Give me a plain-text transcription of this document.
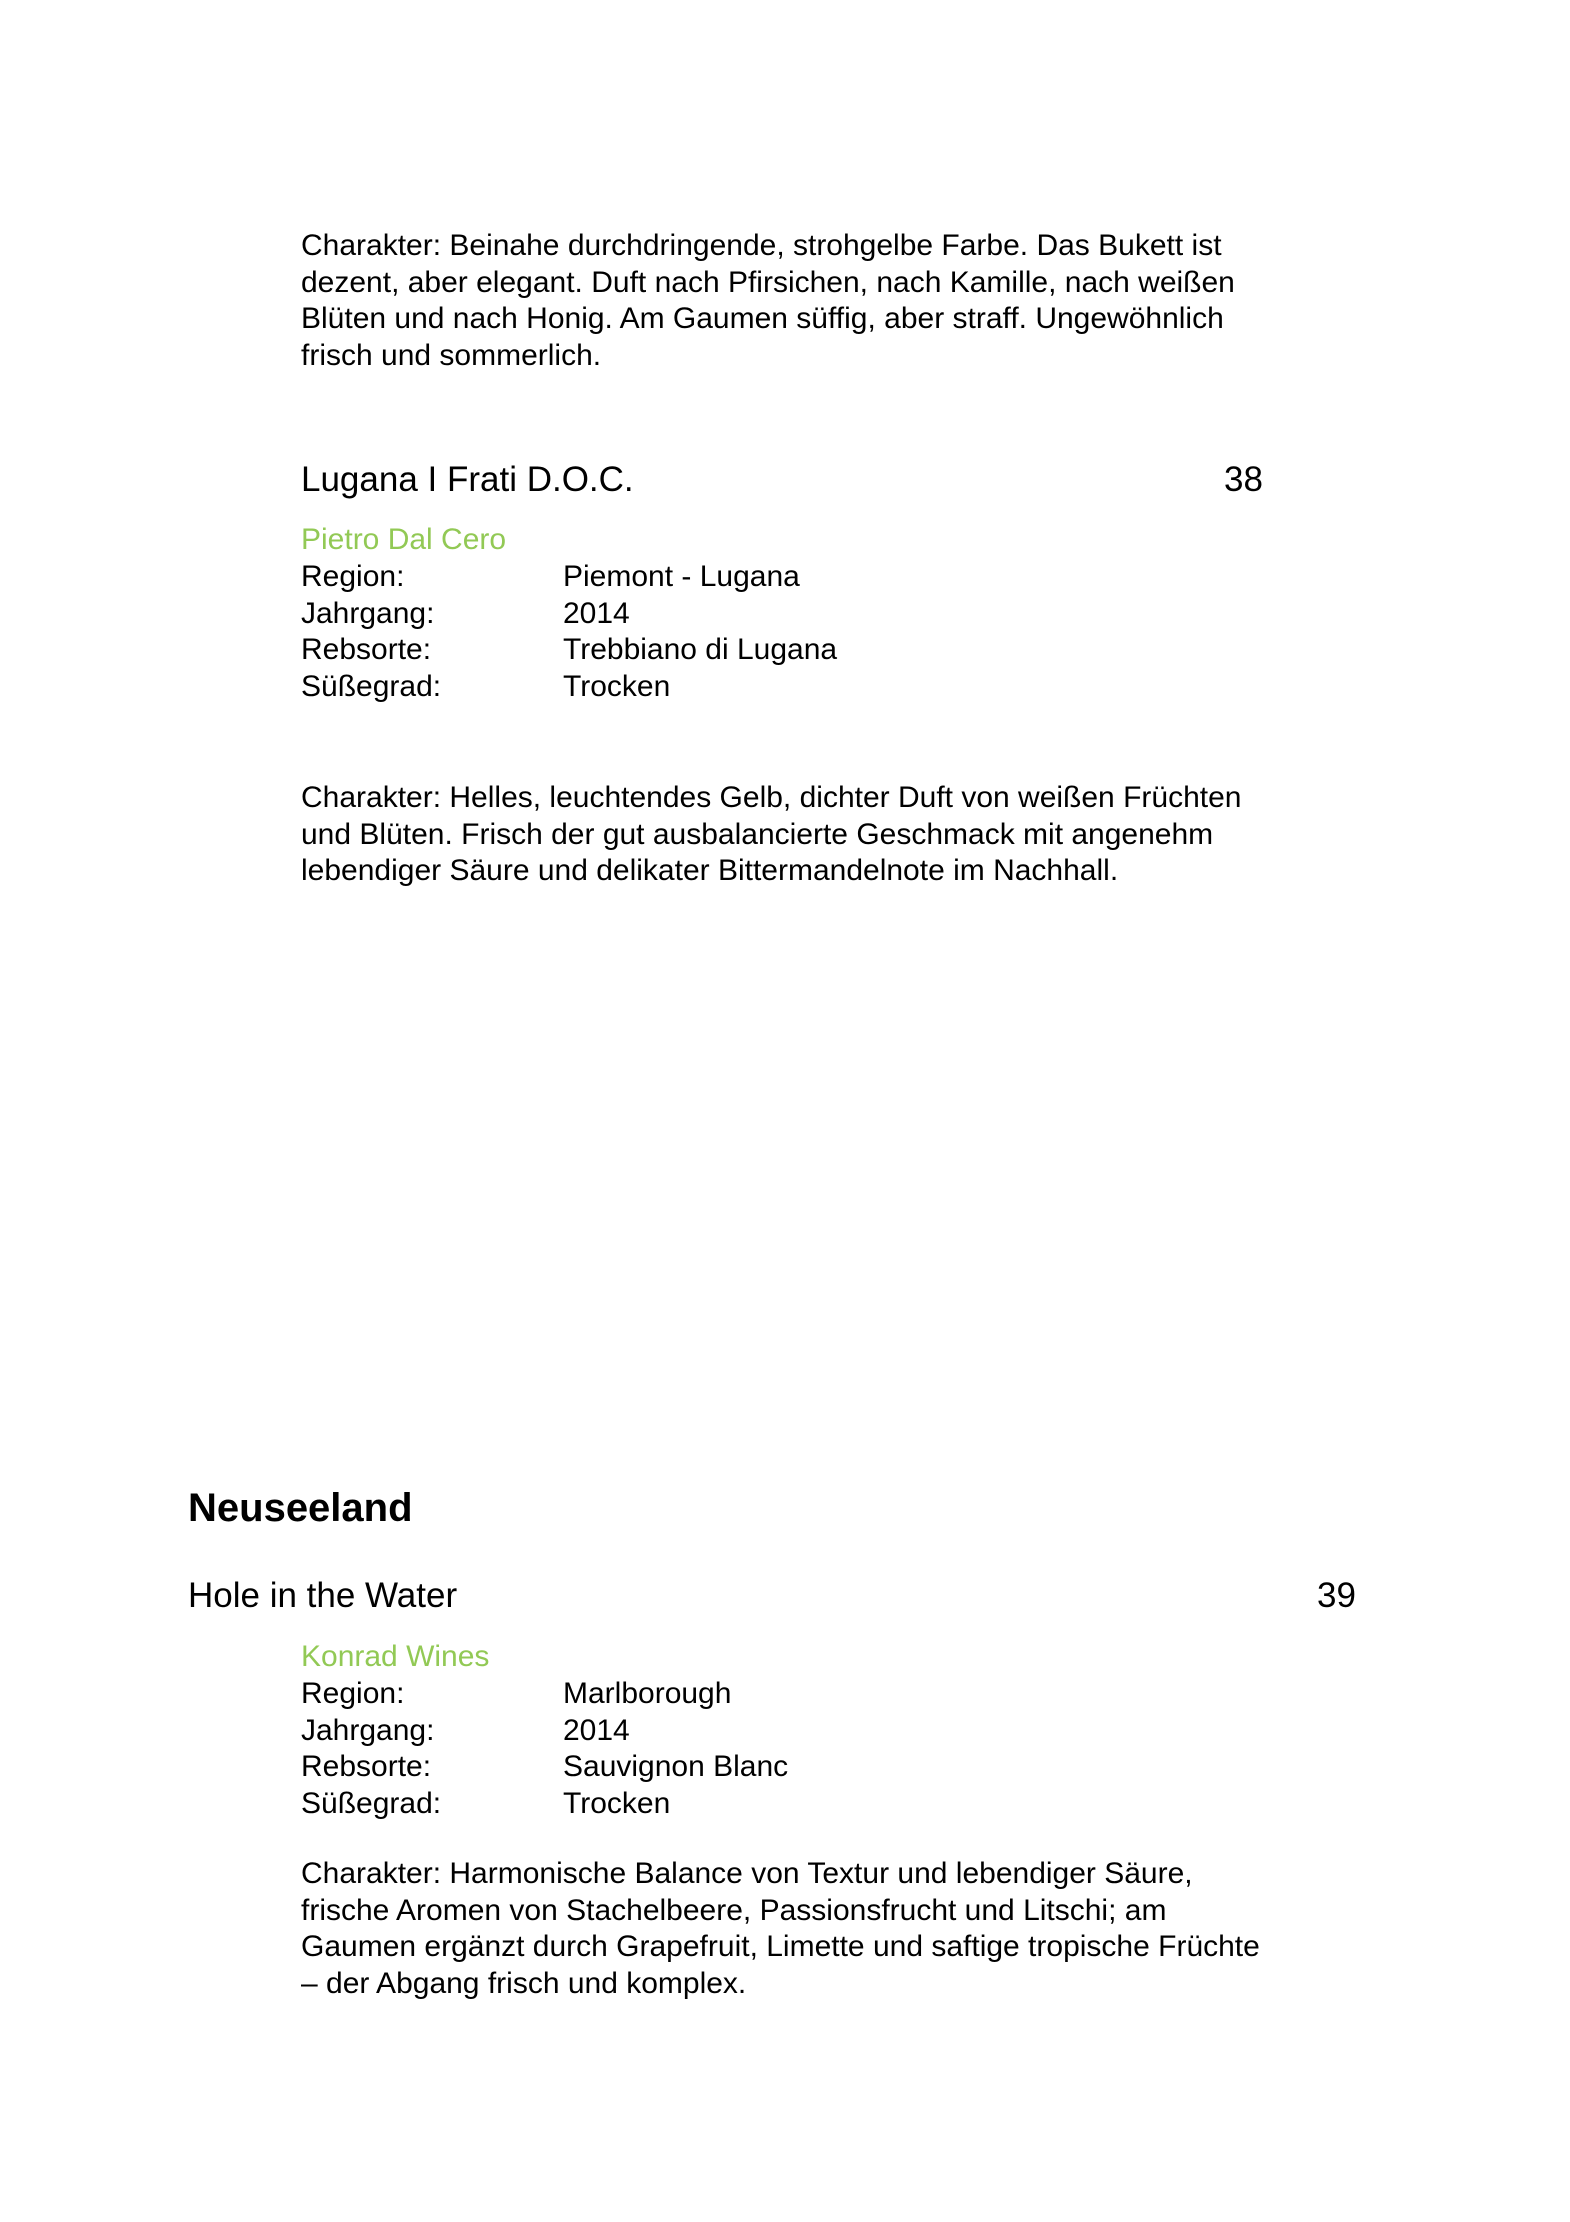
Charakter: Beinahe durchdringende, strohgelbe Farbe. Das Bukett ist dezent, aber elegant. Duft nach Pfirsichen, nach Kamille, nach weißen Blüten und nach Honig. Am Gaumen süffig, aber straff. Ungewöhnlich frisch und sommerlich.

Lugana I Frati D.O.C.	38
Pietro Dal Cero
Region:	Piemont - Lugana
Jahrgang:	2014
Rebsorte:	Trebbiano di Lugana
Süßegrad:	Trocken

Charakter: Helles, leuchtendes Gelb, dichter Duft von weißen Früchten und Blüten. Frisch der gut ausbalancierte Geschmack mit angenehm lebendiger Säure und delikater Bittermandelnote im Nachhall.

Neuseeland
Hole in the Water	39
Konrad Wines
Region:	Marlborough
Jahrgang:	2014
Rebsorte:	Sauvignon Blanc
Süßegrad:	Trocken

Charakter: Harmonische Balance von Textur und lebendiger Säure, frische Aromen von Stachelbeere, Passionsfrucht und Litschi; am Gaumen ergänzt durch Grapefruit, Limette und saftige tropische Früchte – der Abgang frisch und komplex.
